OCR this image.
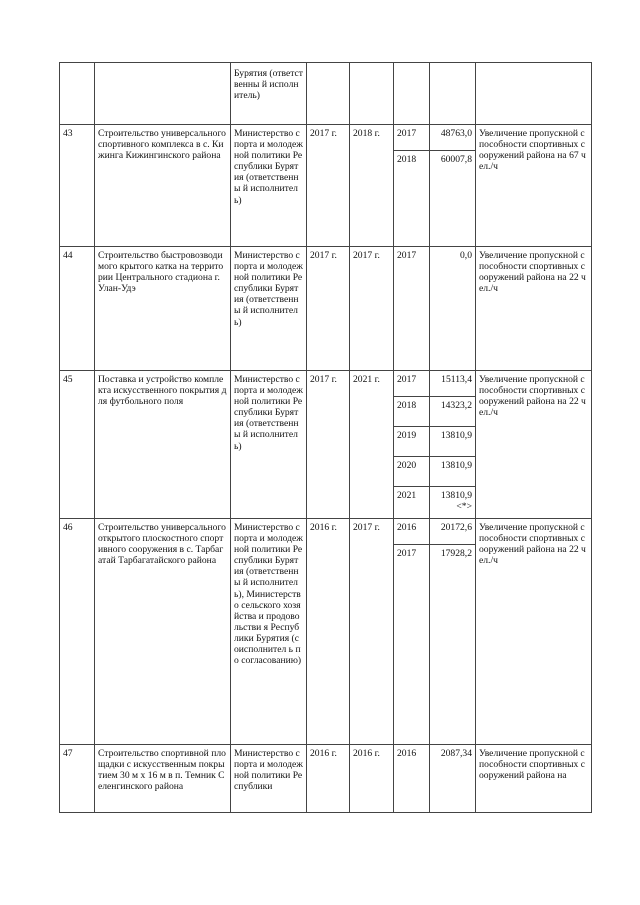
		Бурятия (ответственны й исполнитель)					
43	Строительство универсального спортивного комплекса в с. Кижинга Кижингинского района	Министерство спорта и молодежной политики Республики Бурятия (ответственны й исполнитель)	2017 г.	2018 г.	2017	48763,0	Увеличение пропускной способности спортивных сооружений района на 67 чел./ч
					2018	60007,8	
44	Строительство быстровозводимого крытого катка на территории Центрального стадиона г. Улан-Удэ	Министерство спорта и молодежной политики Республики Бурятия (ответственны й исполнитель)	2017 г.	2017 г.	2017	0,0	Увеличение пропускной способности спортивных сооружений района на 22 чел./ч
45	Поставка и устройство комплекта искусственного покрытия для футбольного поля	Министерство спорта и молодежной политики Республики Бурятия (ответственны й исполнитель)	2017 г.	2021 г.	2017	15113,4	Увеличение пропускной способности спортивных сооружений района на 22 чел./ч
					2018	14323,2	
					2019	13810,9	
					2020	13810,9	
					2021	13810,9
<*>	

46	Строительство универсального открытого плоскостного спортивного сооружения в с. Тарбагатай Тарбагатайского района	Министерство спорта и молодежной политики Республики Бурятия (ответственны й исполнитель), Министерство сельского хозяйства и продовольстви я Республики Бурятия (соисполнител ь по согласованию)	2016 г.	2017 г.	2016	20172,6	Увеличение пропускной способности спортивных сооружений района на 22 чел./ч
					2017	17928,2	
47	Строительство спортивной площадки с искусственным покрытием 30 м х 16 м в п. Темник Селенгинского района	Министерство спорта и молодежной политики Республики	2016 г.	2016 г.	2016	2087,34	Увеличение пропускной способности спортивных сооружений района на
